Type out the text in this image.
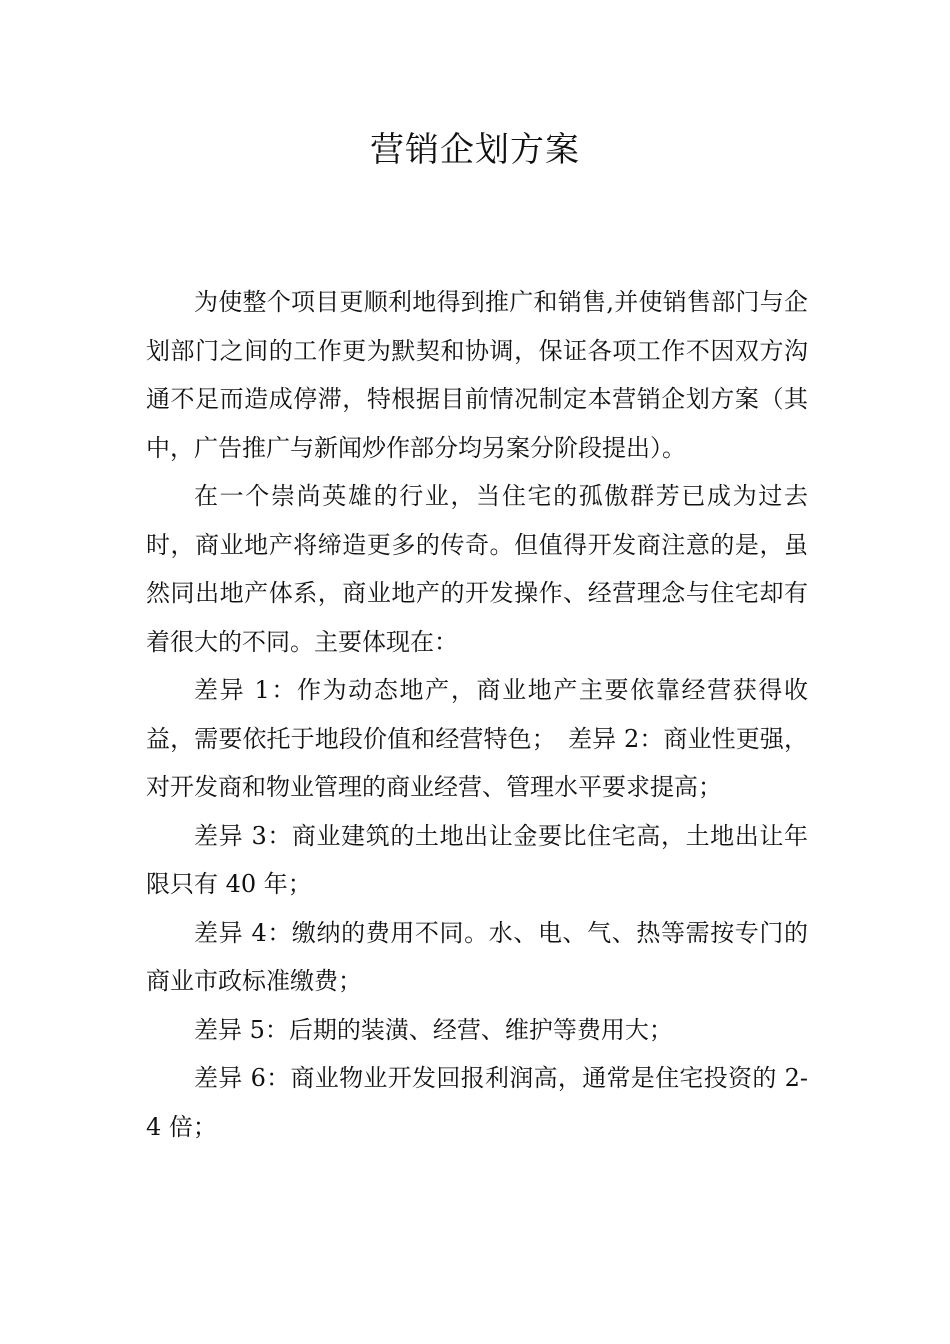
营销企划方案

为使整个项目更顺利地得到推广和销售,并使销售部门与企划部门之间的工作更为默契和协调，保证各项工作不因双方沟通不足而造成停滞，特根据目前情况制定本营销企划方案（其中，广告推广与新闻炒作部分均另案分阶段提出）。

在一个崇尚英雄的行业，当住宅的孤傲群芳已成为过去时，商业地产将缔造更多的传奇。但值得开发商注意的是，虽然同出地产体系，商业地产的开发操作、经营理念与住宅却有着很大的不同。主要体现在：

差异 1：作为动态地产，商业地产主要依靠经营获得收益，需要依托于地段价值和经营特色；　差异 2：商业性更强，对开发商和物业管理的商业经营、管理水平要求提高；

差异 3：商业建筑的土地出让金要比住宅高，土地出让年限只有 40 年；

差异 4：缴纳的费用不同。水、电、气、热等需按专门的商业市政标准缴费；

差异 5：后期的装潢、经营、维护等费用大；

差异 6：商业物业开发回报利润高，通常是住宅投资的 2-4 倍；
